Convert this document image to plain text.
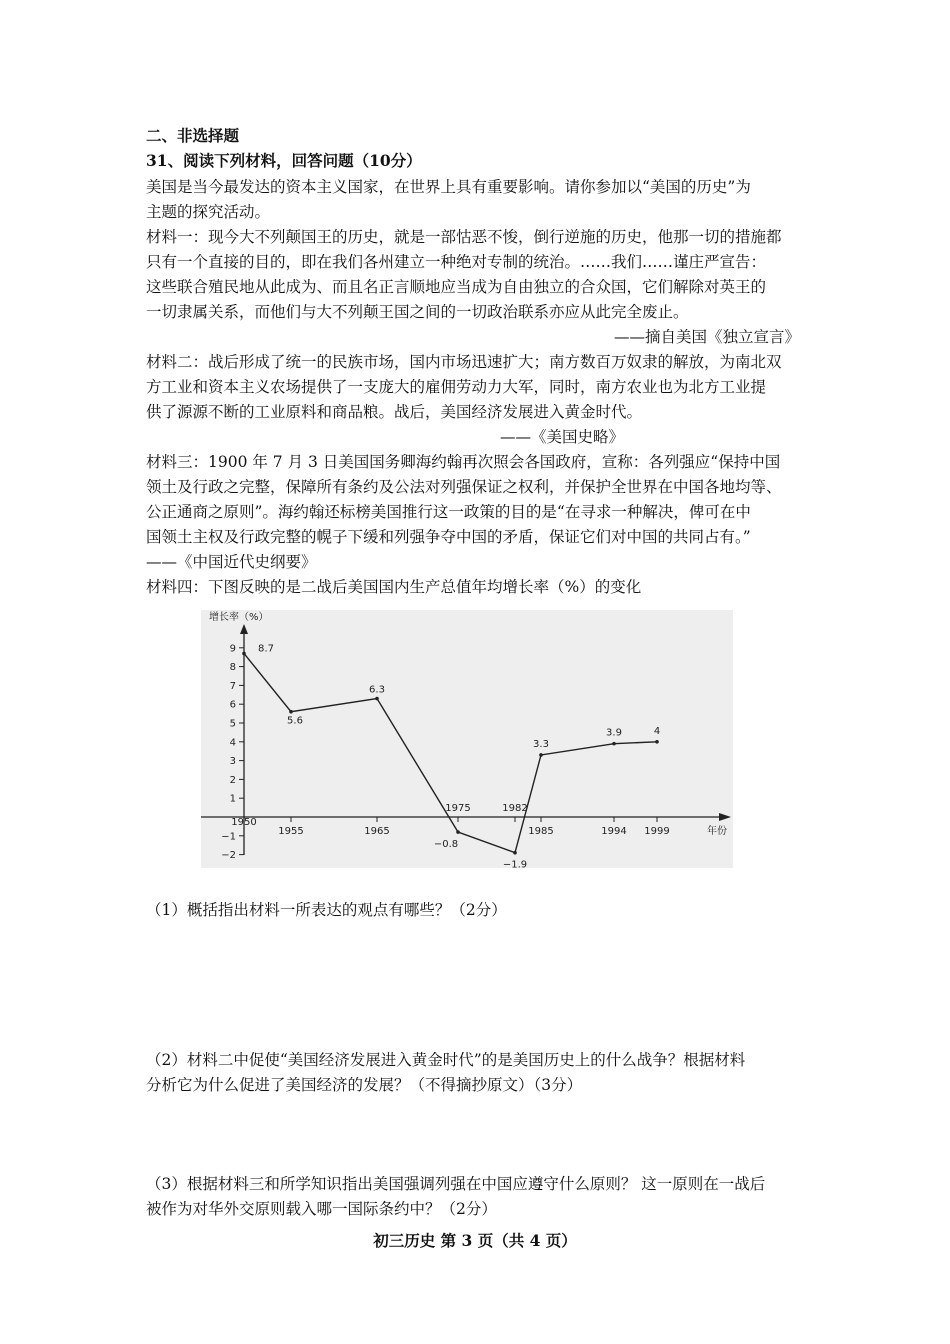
二、非选择题
31、阅读下列材料，回答问题（10分）
美国是当今最发达的资本主义国家，在世界上具有重要影响。请你参加以“美国的历史”为
主题的探究活动。
材料一：现今大不列颠国王的历史，就是一部怙恶不悛，倒行逆施的历史，他那一切的措施都
只有一个直接的目的，即在我们各州建立一种绝对专制的统治。……我们……谨庄严宣告：
这些联合殖民地从此成为、而且名正言顺地应当成为自由独立的合众国，它们解除对英王的
一切隶属关系，而他们与大不列颠王国之间的一切政治联系亦应从此完全废止。
——摘自美国《独立宣言》
材料二：战后形成了统一的民族市场，国内市场迅速扩大；南方数百万奴隶的解放，为南北双
方工业和资本主义农场提供了一支庞大的雇佣劳动力大军，同时，南方农业也为北方工业提
供了源源不断的工业原料和商品粮。战后，美国经济发展进入黄金时代。
——《美国史略》
材料三：1900 年 7 月 3 日美国国务卿海约翰再次照会各国政府，宣称：各列强应“保持中国
领土及行政之完整，保障所有条约及公法对列强保证之权利，并保护全世界在中国各地均等、
公正通商之原则”。海约翰还标榜美国推行这一政策的目的是“在寻求一种解决，俾可在中
国领土主权及行政完整的幌子下缓和列强争夺中国的矛盾，保证它们对中国的共同占有。”
——《中国近代史纲要》
材料四：下图反映的是二战后美国国内生产总值年均增长率（%）的变化
增长率（%）
年份
9
8
7
6
5
4
3
2
1
−1
−2
1950
1955	1965
1975	1982
1985	1994 1999
8.7
5.6
6.3
−0.8
−1.9
3.3
3.9	4
（1）概括指出材料一所表达的观点有哪些？（2分）
（2）材料二中促使“美国经济发展进入黄金时代”的是美国历史上的什么战争？根据材料
分析它为什么促进了美国经济的发展？（不得摘抄原文）（3分）
（3）根据材料三和所学知识指出美国强调列强在中国应遵守什么原则？ 这一原则在一战后
被作为对华外交原则载入哪一国际条约中？（2分）
初三历史 第 3 页（共 4 页）
